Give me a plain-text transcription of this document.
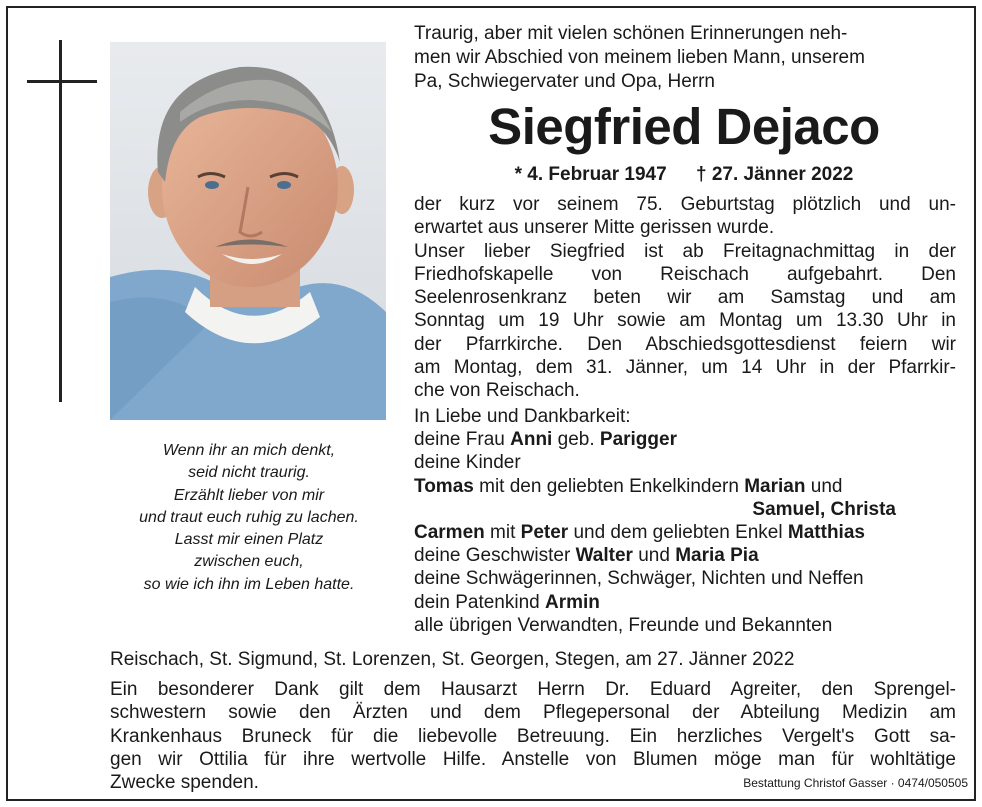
Wenn ihr an mich denkt,
seid nicht traurig.
Erzählt lieber von mir
und traut euch ruhig zu lachen.
Lasst mir einen Platz
zwischen euch,
so wie ich ihn im Leben hatte.
Traurig, aber mit vielen schönen Erinnerungen neh-
men wir Abschied von meinem lieben Mann, unserem
Pa, Schwiegervater und Opa, Herrn
Siegfried Dejaco
* 4. Februar 1947 † 27. Jänner 2022
der kurz vor seinem 75. Geburtstag plötzlich und un-
erwartet aus unserer Mitte gerissen wurde.
Unser lieber Siegfried ist ab Freitagnachmittag in der
Friedhofskapelle von Reischach aufgebahrt. Den
Seelenrosenkranz beten wir am Samstag und am
Sonntag um 19 Uhr sowie am Montag um 13.30 Uhr in
der Pfarrkirche. Den Abschiedsgottesdienst feiern wir
am Montag, dem 31. Jänner, um 14 Uhr in der Pfarrkir-
che von Reischach.
In Liebe und Dankbarkeit:
deine Frau Anni geb. Parigger
deine Kinder
Tomas mit den geliebten Enkelkindern Marian und
Samuel, Christa
Carmen mit Peter und dem geliebten Enkel Matthias
deine Geschwister Walter und Maria Pia
deine Schwägerinnen, Schwäger, Nichten und Neffen
dein Patenkind Armin
alle übrigen Verwandten, Freunde und Bekannten
Reischach, St. Sigmund, St. Lorenzen, St. Georgen, Stegen, am 27. Jänner 2022
Ein besonderer Dank gilt dem Hausarzt Herrn Dr. Eduard Agreiter, den Sprengel-
schwestern sowie den Ärzten und dem Pflegepersonal der Abteilung Medizin am
Krankenhaus Bruneck für die liebevolle Betreuung. Ein herzliches Vergelt's Gott sa-
gen wir Ottilia für ihre wertvolle Hilfe. Anstelle von Blumen möge man für wohltätige
Zwecke spenden.	Bestattung Christof Gasser · 0474/050505
